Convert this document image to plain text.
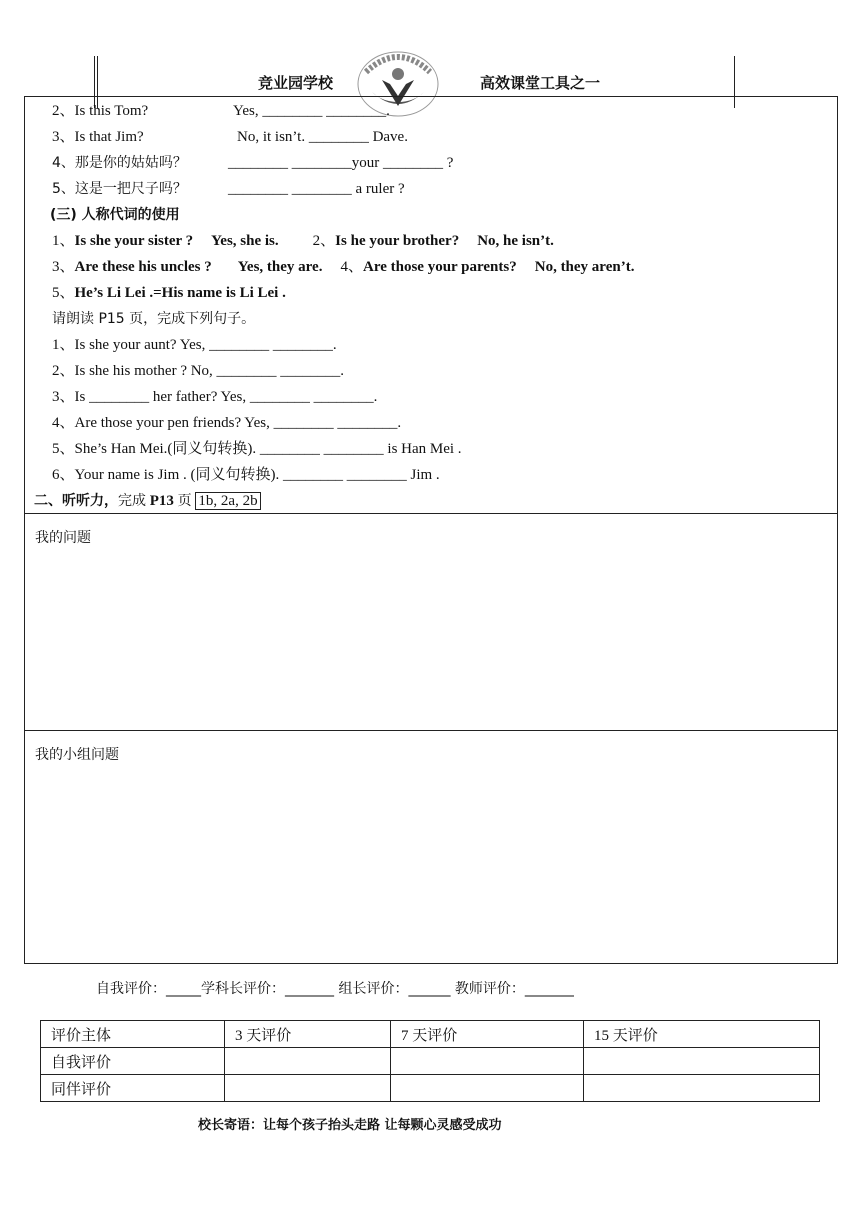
竞业园学校	高效课堂工具之一
2、Is this Tom?	Yes, ________ ________.
3、Is that Jim?	No, it isn’t. ________ Dave.
4、那是你的姑姑吗？	________ ________your ________ ?
5、这是一把尺子吗？	________ ________ a ruler ?
(三) 人称代词的使用
1、Is she your sister ? Yes, she is. 2、Is he your brother? No, he isn’t.
3、Are these his uncles ? Yes, they are. 4、Are those your parents? No, they aren’t.
5、He’s Li Lei .=His name is Li Lei .
请朗读 P15 页，完成下列句子。
1、Is she your aunt? Yes, ________ ________.
2、Is she his mother ? No, ________ ________.
3、Is ________ her father? Yes, ________ ________.
4、Are those your pen friends? Yes, ________ ________.
5、She’s Han Mei.(同义句转换). ________ ________ is Han Mei .
6、Your name is Jim . (同义句转换). ________ ________ Jim .
二、听听力，完成 P13 页 1b, 2a, 2b
我的问题
我的小组问题
自我评价：_____学科长评价：_______ 组长评价：______ 教师评价：_______
评价主体	3 天评价	7 天评价	15 天评价
自我评价			
同伴评价			
校长寄语：让每个孩子抬头走路 让每颗心灵感受成功
